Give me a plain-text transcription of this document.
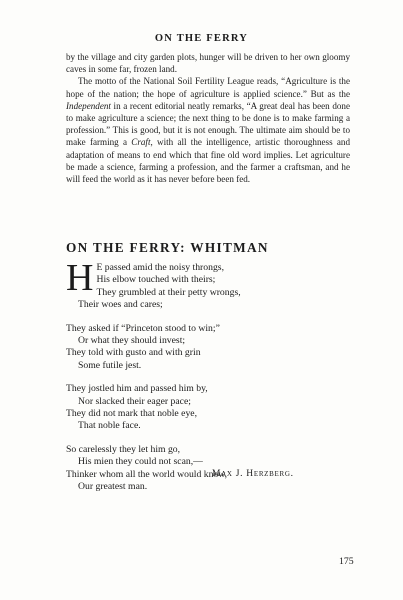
ON THE FERRY

by the village and city garden plots, hunger will be driven to her own gloomy caves in some far, frozen land.

The motto of the National Soil Fertility League reads, “Agriculture is the hope of the nation; the hope of agriculture is applied science.” But as the Independent in a recent editorial neatly remarks, “A great deal has been done to make agriculture a science; the next thing to be done is to make farming a profession.” This is good, but it is not enough. The ultimate aim should be to make farming a Craft, with all the intelligence, artistic thoroughness and adaptation of means to end which that fine old word implies. Let agriculture be made a science, farming a profession, and the farmer a craftsman, and he will feed the world as it has never before been fed.

ON THE FERRY: WHITMAN
H E passed amid the noisy throngs,
His elbow touched with theirs;
They grumbled at their petty wrongs,
Their woes and cares;
They asked if “Princeton stood to win;”
Or what they should invest;
They told with gusto and with grin
Some futile jest.
They jostled him and passed him by,
Nor slacked their eager pace;
They did not mark that noble eye,
That noble face.
So carelessly they let him go,
His mien they could not scan,—
Thinker whom all the world would know,
Our greatest man.
Max J. Herzberg.
175
